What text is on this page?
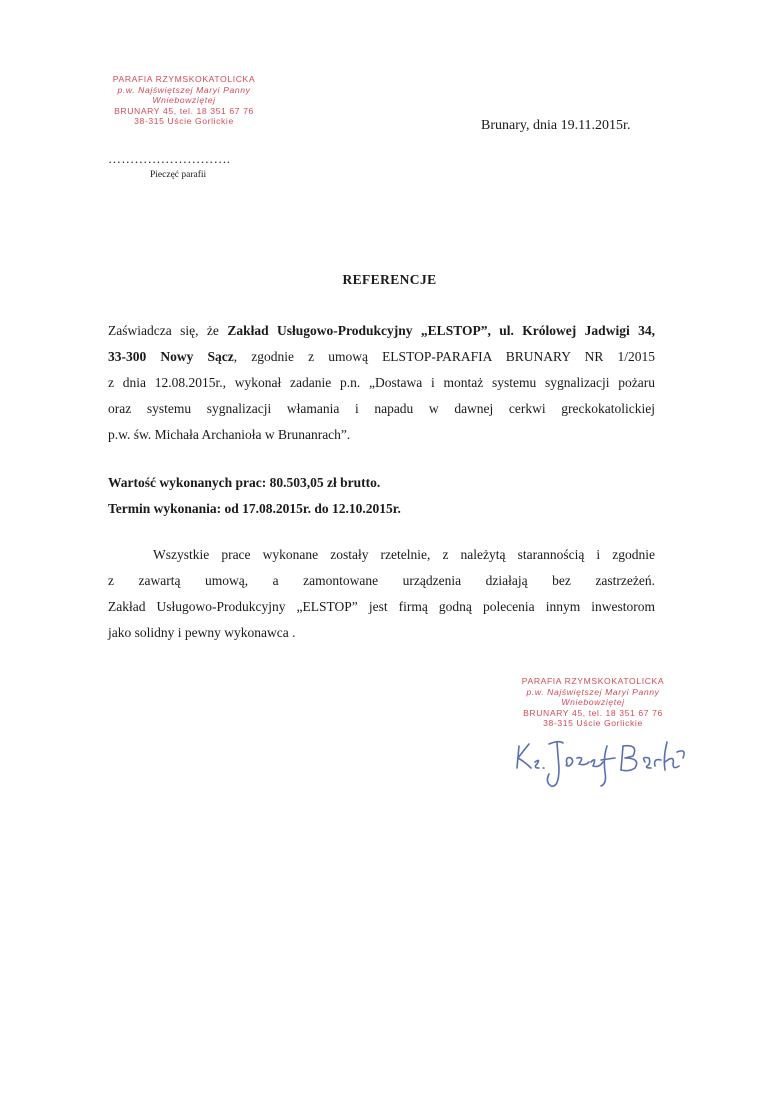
PARAFIA RZYMSKOKATOLICKA
p.w. Najświętszej Maryi Panny
Wniebowziętej
BRUNARY 45, tel. 18 351 67 76
38-315 Uście Gorlickie	Brunary, dnia 19.11.2015r.
……………………….
Pieczęć parafii
REFERENCJE
Zaświadcza się, że Zakład Usługowo-Produkcyjny „ELSTOP”, ul. Królowej Jadwigi 34,
33-300 Nowy Sącz, zgodnie z umową ELSTOP-PARAFIA BRUNARY NR 1/2015
z dnia 12.08.2015r., wykonał zadanie p.n. „Dostawa i montaż systemu sygnalizacji pożaru
oraz systemu sygnalizacji włamania i napadu w dawnej cerkwi greckokatolickiej
p.w. św. Michała Archanioła w Brunanrach”.
Wartość wykonanych prac: 80.503,05 zł brutto.
Termin wykonania: od 17.08.2015r. do 12.10.2015r.
Wszystkie prace wykonane zostały rzetelnie, z należytą starannością i zgodnie
z zawartą umową, a zamontowane urządzenia działają bez zastrzeżeń.
Zakład Usługowo-Produkcyjny „ELSTOP” jest firmą godną polecenia innym inwestorom
jako solidny i pewny wykonawca .
PARAFIA RZYMSKOKATOLICKA
p.w. Najświętszej Maryi Panny
Wniebowziętej
BRUNARY 45, tel. 18 351 67 76
38-315 Uście Gorlickie
